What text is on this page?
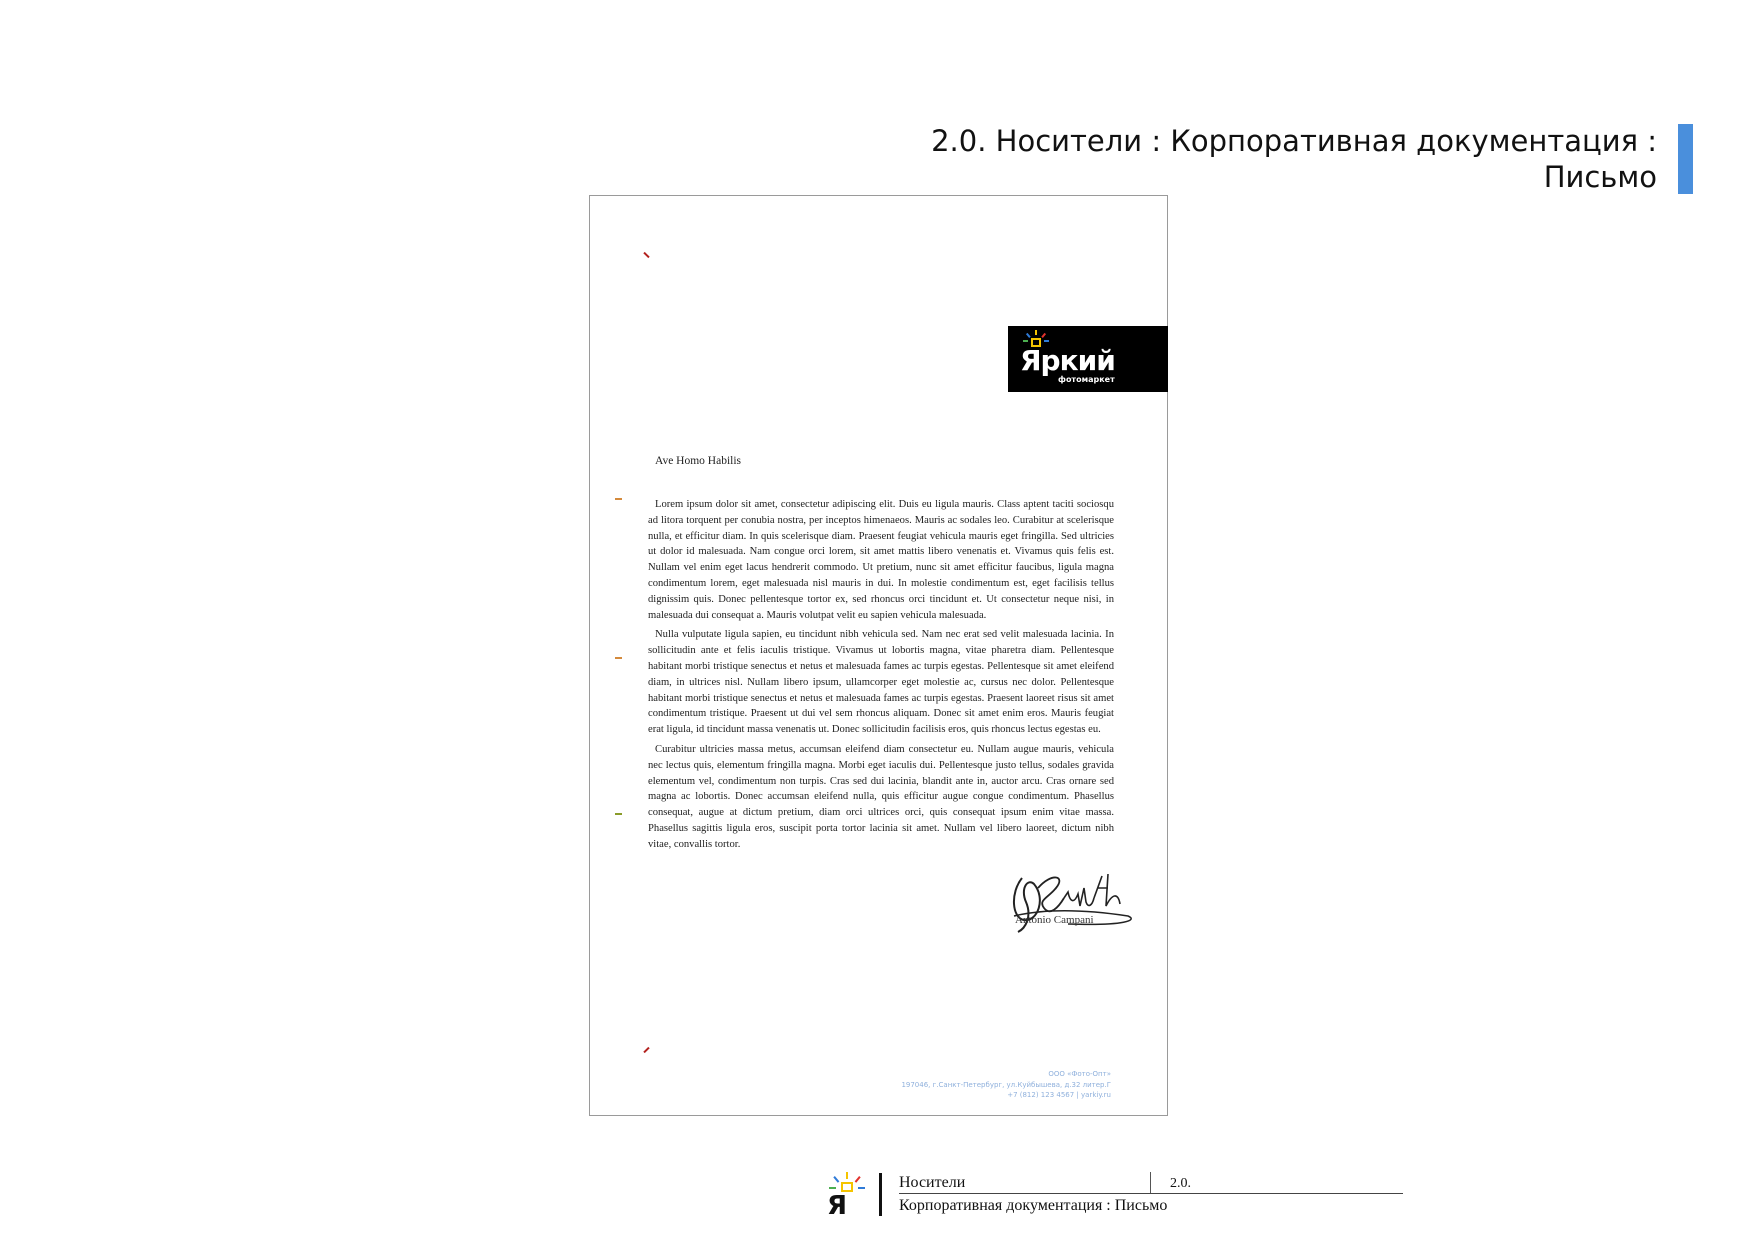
2.0. Носители : Корпоративная документация :
Письмо
Яркий
фотомаркет
Ave Homo Habilis

Lorem ipsum dolor sit amet, consectetur adipiscing elit. Duis eu ligula mauris. Class aptent taciti sociosqu ad litora torquent per conubia nostra, per inceptos himenaeos. Mauris ac sodales leo. Curabitur at scelerisque nulla, et efficitur diam. In quis scelerisque diam. Praesent feugiat vehicula mauris eget fringilla. Sed ultricies ut dolor id malesuada. Nam congue orci lorem, sit amet mattis libero venenatis et. Vivamus quis felis est. Nullam vel enim eget lacus hendrerit commodo. Ut pretium, nunc sit amet efficitur faucibus, ligula magna condimentum lorem, eget malesuada nisl mauris in dui. In molestie condimentum est, eget facilisis tellus dignissim quis. Donec pellentesque tortor ex, sed rhoncus orci tincidunt et. Ut consectetur neque nisi, in malesuada dui consequat a. Mauris volutpat velit eu sapien vehicula malesuada.

Nulla vulputate ligula sapien, eu tincidunt nibh vehicula sed. Nam nec erat sed velit malesuada lacinia. In sollicitudin ante et felis iaculis tristique. Vivamus ut lobortis magna, vitae pharetra diam. Pellentesque habitant morbi tristique senectus et netus et malesuada fames ac turpis egestas. Pellentesque sit amet eleifend diam, in ultrices nisl. Nullam libero ipsum, ullamcorper eget molestie ac, cursus nec dolor. Pellentesque habitant morbi tristique senectus et netus et malesuada fames ac turpis egestas. Praesent laoreet risus sit amet condimentum tristique. Praesent ut dui vel sem rhoncus aliquam. Donec sit amet enim eros. Mauris feugiat erat ligula, id tincidunt massa venenatis ut. Donec sollicitudin facilisis eros, quis rhoncus lectus egestas eu.

Curabitur ultricies massa metus, accumsan eleifend diam consectetur eu. Nullam augue mauris, vehicula nec lectus quis, elementum fringilla magna. Morbi eget iaculis dui. Pellentesque justo tellus, sodales gravida elementum vel, condimentum non turpis. Cras sed dui lacinia, blandit ante in, auctor arcu. Cras ornare sed magna ac lobortis. Donec accumsan eleifend nulla, quis efficitur augue congue condimentum. Phasellus consequat, augue at dictum pretium, diam orci ultrices orci, quis consequat ipsum enim vitae massa. Phasellus sagittis ligula eros, suscipit porta tortor lacinia sit amet. Nullam vel libero laoreet, dictum nibh vitae, convallis tortor.

Antonio Campani
ООО «Фото-Опт»
197046, г.Санкт-Петербург, ул.Куйбышева, д.32 литер.Г
+7 (812) 123 4567 | yarkiy.ru
Я
Носители	2.0.
Корпоративная документация : Письмо
